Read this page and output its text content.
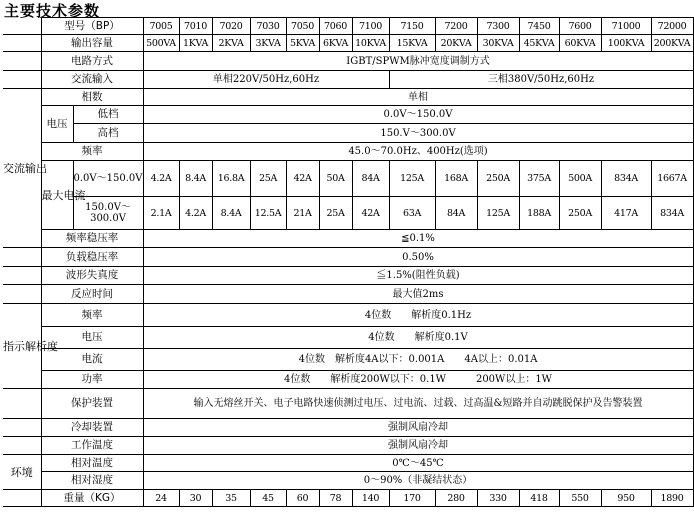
主要技术参数
	型号（BP）		7005	7010	7020	7030	7050	7060	7100	7150	7200	7300	7450	7600	71000	72000
	输出容量		500VA	1KVA	2KVA	3KVA	5KVA	6KVA	10KVA	15KVA	20KVA	30KVA	45KVA	60KVA	100KVA	200KVA
	电路方式		IGBT/SPWM脉冲宽度调制方式													
	交流输入		单相220V/50Hz,60Hz							三相380V/50Hz,60Hz						
交流输出	相数		单相													
	电压	低档	0.0V～150.0V													
		高档	150.V～300.0V													
	频率		45.0～70.0Hz、400Hz(选项)													
	最大电流	0.0V～150.0V	4.2A	8.4A	16.8A	25A	42A	50A	84A	125A	168A	250A	375A	500A	834A	1667A
		150.0V～300.0V	2.1A	4.2A	8.4A	12.5A	21A	25A	42A	63A	84A	125A	188A	250A	417A	834A
	频率稳压率		≦0.1%													
	负载稳压率		0.50%													
	波形失真度		≦1.5%(阻性负载)													
	反应时间		最大值2ms													
指示解析度	频率		4位数　　解析度0.1Hz													
	电压		4位数　　解析度0.1V													
	电流		4位数　解析度4A以下：0.001A　　4A以上：0.01A													
	功率		4位数　　解析度200W以下：0.1W　　　200W以上：1W													
	保护装置		输入无熔丝开关、电子电路快速侦测过电压、过电流、过载、过高温&短路并自动跳脱保护及告警装置													
	冷却装置		强制风扇冷却													
	工作温度		强制风扇冷却													
环境	相对温度		0℃～45℃													
	相对湿度		0～90%（非凝结状态）													
	重量（KG）		24	30	35	45	60	78	140	170	280	330	418	550	950	1890
